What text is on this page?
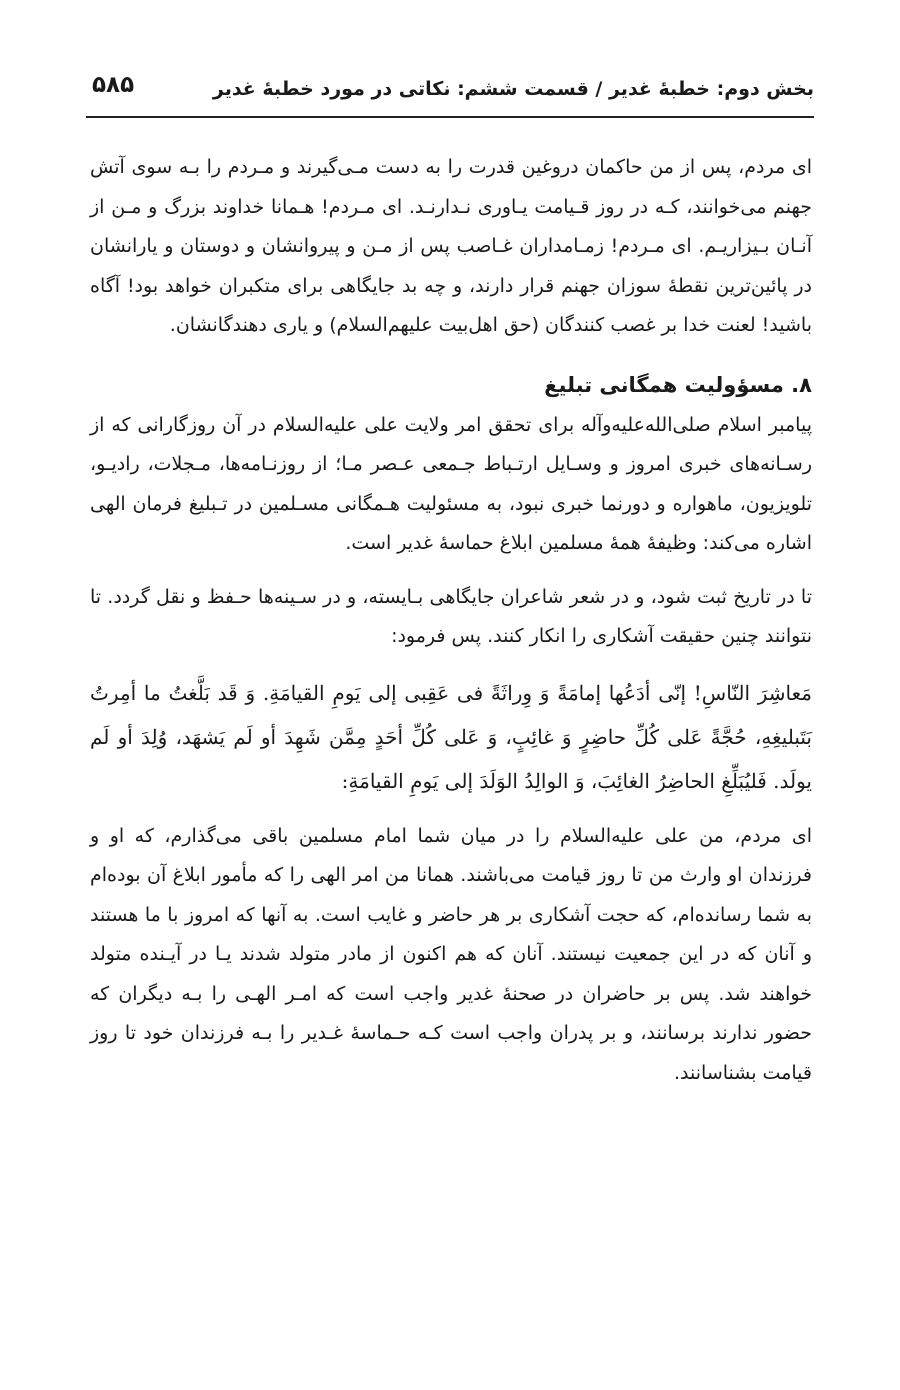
بخش دوم: خطبۀ غدیر / قسمت ششم: نکاتی در مورد خطبۀ غدیر
۵۸۵

ای مردم، پس از من حاکمان دروغین قدرت را به دست مـی‌گیرند و مـردم را بـه سوی آتش جهنم می‌خوانند، کـه در روز قـیامت یـاوری نـدارنـد. ای مـردم! هـمانا خداوند بزرگ و مـن از آنـان بـیزاریـم. ای مـردم! زمـامداران غـاصب پس از مـن و پیروانشان و دوستان و یارانشان در پائین‌ترین نقطۀ سوزان جهنم قرار دارند، و چه بد جایگاهی برای متکبران خواهد بود! آگاه باشید! لعنت خدا بر غصب کنندگان (حق اهل‌بیت علیهم‌السلام) و یاری دهندگانشان.

۸. مسؤولیت همگانی تبلیغ

پیامبر اسلام صلی‌الله‌علیه‌وآله برای تحقق امر ولایت علی علیه‌السلام در آن روزگارانی که از رسـانه‌های خبری امروز و وسـایل ارتـباط جـمعی عـصر مـا؛ از روزنـامه‌ها، مـجلات، رادیـو، تلویزیون، ماهواره و دورنما خبری نبود، به مسئولیت هـمگانی مسـلمین در تـبلیغ فرمان الهی اشاره می‌کند: وظیفۀ همۀ مسلمین ابلاغ حماسۀ غدیر است.

تا در تاریخ ثبت شود، و در شعر شاعران جایگاهی بـایسته، و در سـینه‌ها حـفظ و نقل گردد. تا نتوانند چنین حقیقت آشکاری را انکار کنند. پس فرمود:

مَعاشِرَ النّاسِ! إنّی أدَعُها إمامَةً وَ وِراثَةً فی عَقِبی إلی یَومِ القیامَةِ. وَ قَد بَلَّغتُ ما أمِرتُ بَتَبلیغِهِ، حُجَّةً عَلی کُلِّ حاضِرٍ وَ غائِبٍ، وَ عَلی کُلِّ أحَدٍ مِمَّن شَهِدَ أو لَم یَشهَد، وُلِدَ أو لَم یولَد. فَلیُبَلِّغِ الحاضِرُ الغائِبَ، وَ الوالِدُ الوَلَدَ إلی یَومِ القیامَةِ:

ای مردم، من علی علیه‌السلام را در میان شما امام مسلمین باقی می‌گذارم، که او و فرزندان او وارث من تا روز قیامت می‌باشند. همانا من امر الهی را که مأمور ابلاغ آن بوده‌ام به شما رسانده‌ام، که حجت آشکاری بر هر حاضر و غایب است. به آنها که امروز با ما هستند و آنان که در این جمعیت نیستند. آنان که هم اکنون از مادر متولد شدند یـا در آیـنده متولد خواهند شد. پس بر حاضران در صحنۀ غدیر واجب است که امـر الهـی را بـه دیگران که حضور ندارند برسانند، و بر پدران واجب است کـه حـماسۀ غـدیر را بـه فرزندان خود تا روز قیامت بشناسانند.
